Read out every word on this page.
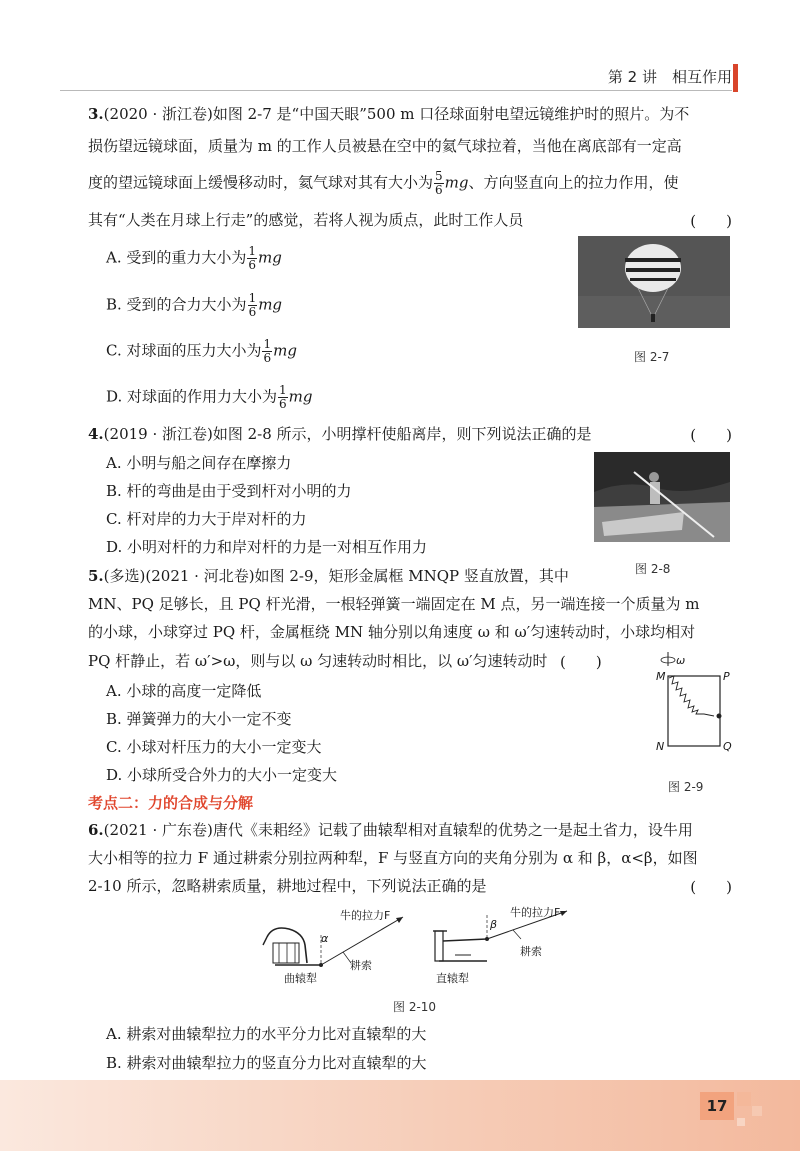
第 2 讲　相互作用
3.(2020 · 浙江卷)如图 2-7 是“中国天眼”500 m 口径球面射电望远镜维护时的照片。为不
损伤望远镜球面，质量为 m 的工作人员被悬在空中的氦气球拉着，当他在离底部有一定高
度的望远镜球面上缓慢移动时，氦气球对其有大小为 $\frac{5}{6}$ mg、方向竖直向上的拉力作用，使
其有“人类在月球上行走”的感觉，若将人视为质点，此时工作人员	(　　)
A. 受到的重力大小为 $\frac{1}{6}$ mg
B. 受到的合力大小为 $\frac{1}{6}$ mg
C. 对球面的压力大小为 $\frac{1}{6}$ mg
D. 对球面的作用力大小为 $\frac{1}{6}$ mg
图 2-7
4.(2019 · 浙江卷)如图 2-8 所示，小明撑杆使船离岸，则下列说法正确的是	(　　)
A. 小明与船之间存在摩擦力
B. 杆的弯曲是由于受到杆对小明的力
C. 杆对岸的力大于岸对杆的力
D. 小明对杆的力和岸对杆的力是一对相互作用力
图 2-8
5.(多选)(2021 · 河北卷)如图 2-9，矩形金属框 MNQP 竖直放置，其中
MN、PQ 足够长，且 PQ 杆光滑，一根轻弹簧一端固定在 M 点，另一端连接一个质量为 m
的小球，小球穿过 PQ 杆，金属框绕 MN 轴分别以角速度 ω 和 ω′匀速转动时，小球均相对
PQ 杆静止，若 ω′>ω，则与以 ω 匀速转动时相比，以 ω′匀速转动时 (　　)
A. 小球的高度一定降低
B. 弹簧弹力的大小一定不变
C. 小球对杆压力的大小一定变大
D. 小球所受合外力的大小一定变大
ω
M	P
N	Q
图 2-9
考点二：力的合成与分解
6.(2021 · 广东卷)唐代《耒耜经》记载了曲辕犁相对直辕犁的优势之一是起土省力，设牛用
大小相等的拉力 F 通过耕索分别拉两种犁，F 与竖直方向的夹角分别为 α 和 β，α<β，如图
2-10 所示，忽略耕索质量，耕地过程中，下列说法正确的是	(　　)
牛的拉力F
α
耕索
曲辕犁
牛的拉力F
β
耕索
直辕犁
图 2-10
A. 耕索对曲辕犁拉力的水平分力比对直辕犁的大
B. 耕索对曲辕犁拉力的竖直分力比对直辕犁的大
17
